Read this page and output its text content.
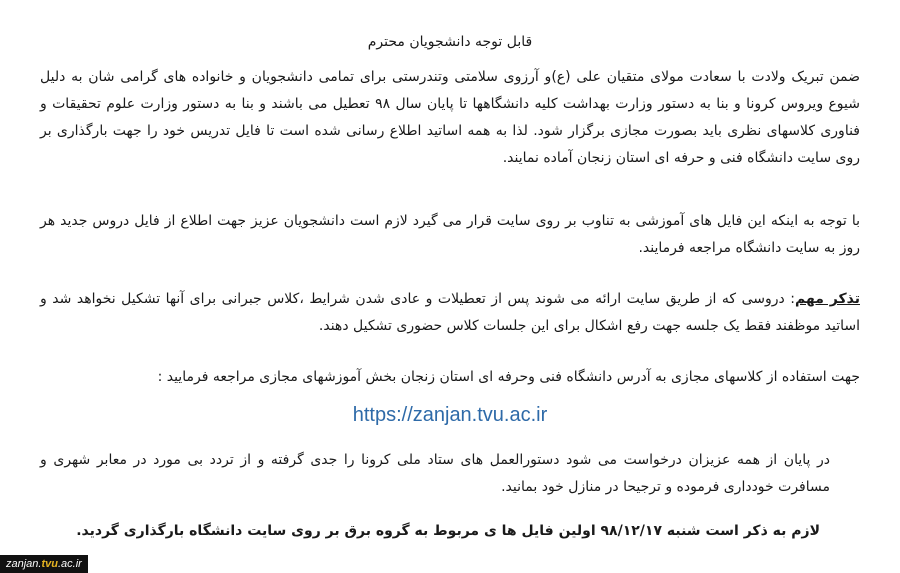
قابل توجه دانشجویان محترم
ضمن تبریک ولادت با سعادت مولای متقیان علی (ع)و آرزوی سلامتی وتندرستی برای تمامی دانشجویان و خانواده های گرامی شان به دلیل شیوع ویروس کرونا و بنا به دستور وزارت بهداشت کلیه دانشگاهها تا پایان سال ۹۸ تعطیل می باشند و بنا به دستور وزارت علوم تحقیقات و فناوری کلاسهای نظری باید بصورت مجازی برگزار شود. لذا به همه اساتید اطلاع رسانی شده است تا فایل تدریس خود را جهت بارگذاری بر روی سایت دانشگاه فنی و حرفه ای استان زنجان آماده نمایند.
با توجه به اینکه این فایل های آموزشی به تناوب بر روی سایت قرار می گیرد لازم است دانشجویان عزیز جهت اطلاع از فایل دروس جدید هر روز به سایت دانشگاه مراجعه فرمایند.
تذکر مهم: دروسی که از طریق سایت ارائه می شوند پس از تعطیلات و عادی شدن شرایط ،کلاس جبرانی برای آنها تشکیل نخواهد شد و اساتید موظفند فقط یک جلسه جهت رفع اشکال برای این جلسات کلاس حضوری تشکیل دهند.
جهت استفاده از کلاسهای مجازی به آدرس دانشگاه فنی وحرفه ای استان زنجان بخش آموزشهای مجازی مراجعه فرمایید :
https://zanjan.tvu.ac.ir
در پایان از همه عزیزان درخواست می شود دستورالعمل های ستاد ملی کرونا را جدی گرفته و از تردد بی مورد در معابر شهری و مسافرت خودداری فرموده و ترجیحا در منازل خود بمانید.
لازم به ذکر است شنبه ۹۸/۱۲/۱۷ اولین فایل ها ی مربوط به گروه برق بر روی سایت دانشگاه بارگذاری گردید.
zanjan.tvu.ac.ir
